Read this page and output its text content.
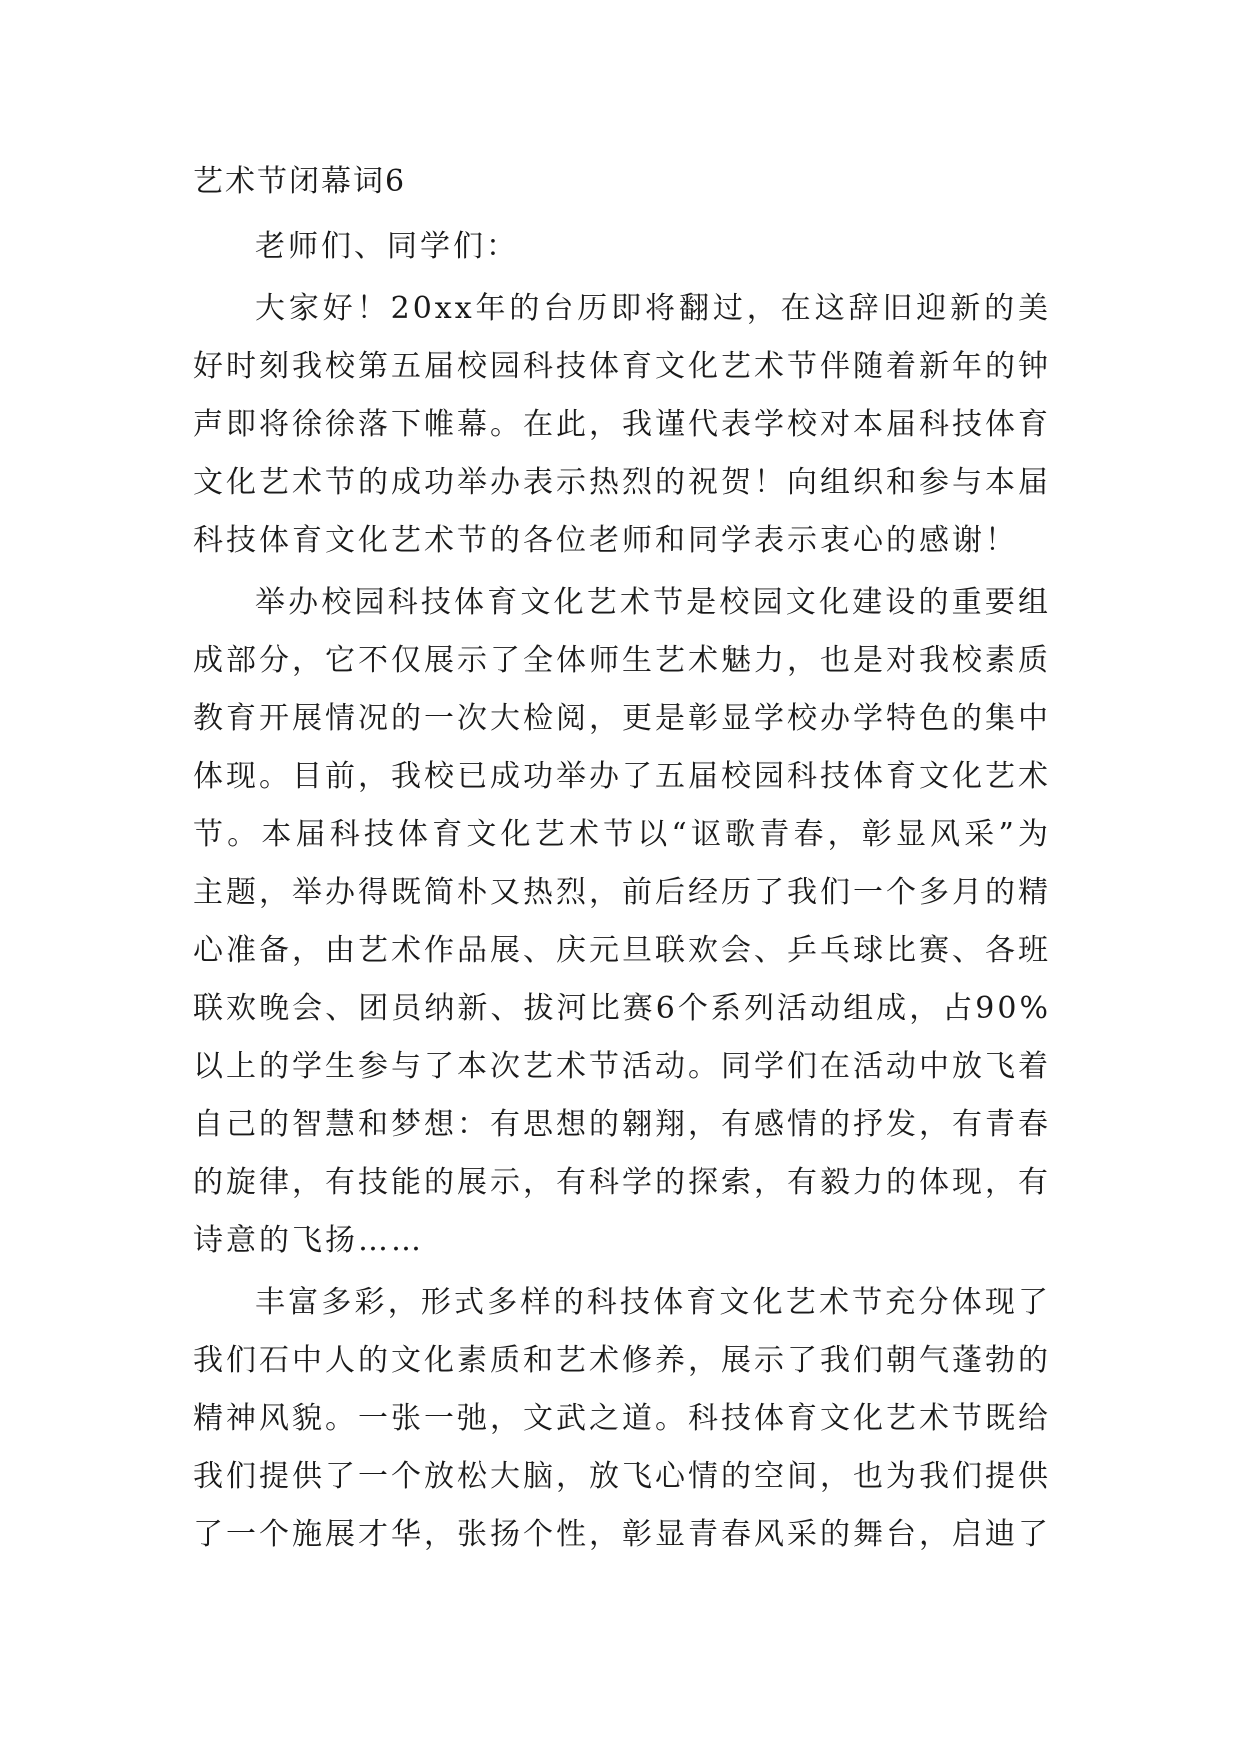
艺术节闭幕词6

老师们、同学们：

大家好！20xx年的台历即将翻过，在这辞旧迎新的美好时刻我校第五届校园科技体育文化艺术节伴随着新年的钟声即将徐徐落下帷幕。在此，我谨代表学校对本届科技体育文化艺术节的成功举办表示热烈的祝贺！向组织和参与本届科技体育文化艺术节的各位老师和同学表示衷心的感谢！

举办校园科技体育文化艺术节是校园文化建设的重要组成部分，它不仅展示了全体师生艺术魅力，也是对我校素质教育开展情况的一次大检阅，更是彰显学校办学特色的集中体现。目前，我校已成功举办了五届校园科技体育文化艺术节。本届科技体育文化艺术节以“讴歌青春，彰显风采”为主题，举办得既简朴又热烈，前后经历了我们一个多月的精心准备，由艺术作品展、庆元旦联欢会、乒乓球比赛、各班联欢晚会、团员纳新、拔河比赛6个系列活动组成，占90%以上的学生参与了本次艺术节活动。同学们在活动中放飞着自己的智慧和梦想：有思想的翱翔，有感情的抒发，有青春的旋律，有技能的展示，有科学的探索，有毅力的体现，有诗意的飞扬……

丰富多彩，形式多样的科技体育文化艺术节充分体现了我们石中人的文化素质和艺术修养，展示了我们朝气蓬勃的精神风貌。一张一弛，文武之道。科技体育文化艺术节既给我们提供了一个放松大脑，放飞心情的空间，也为我们提供了一个施展才华，张扬个性，彰显青春风采的舞台，启迪了
